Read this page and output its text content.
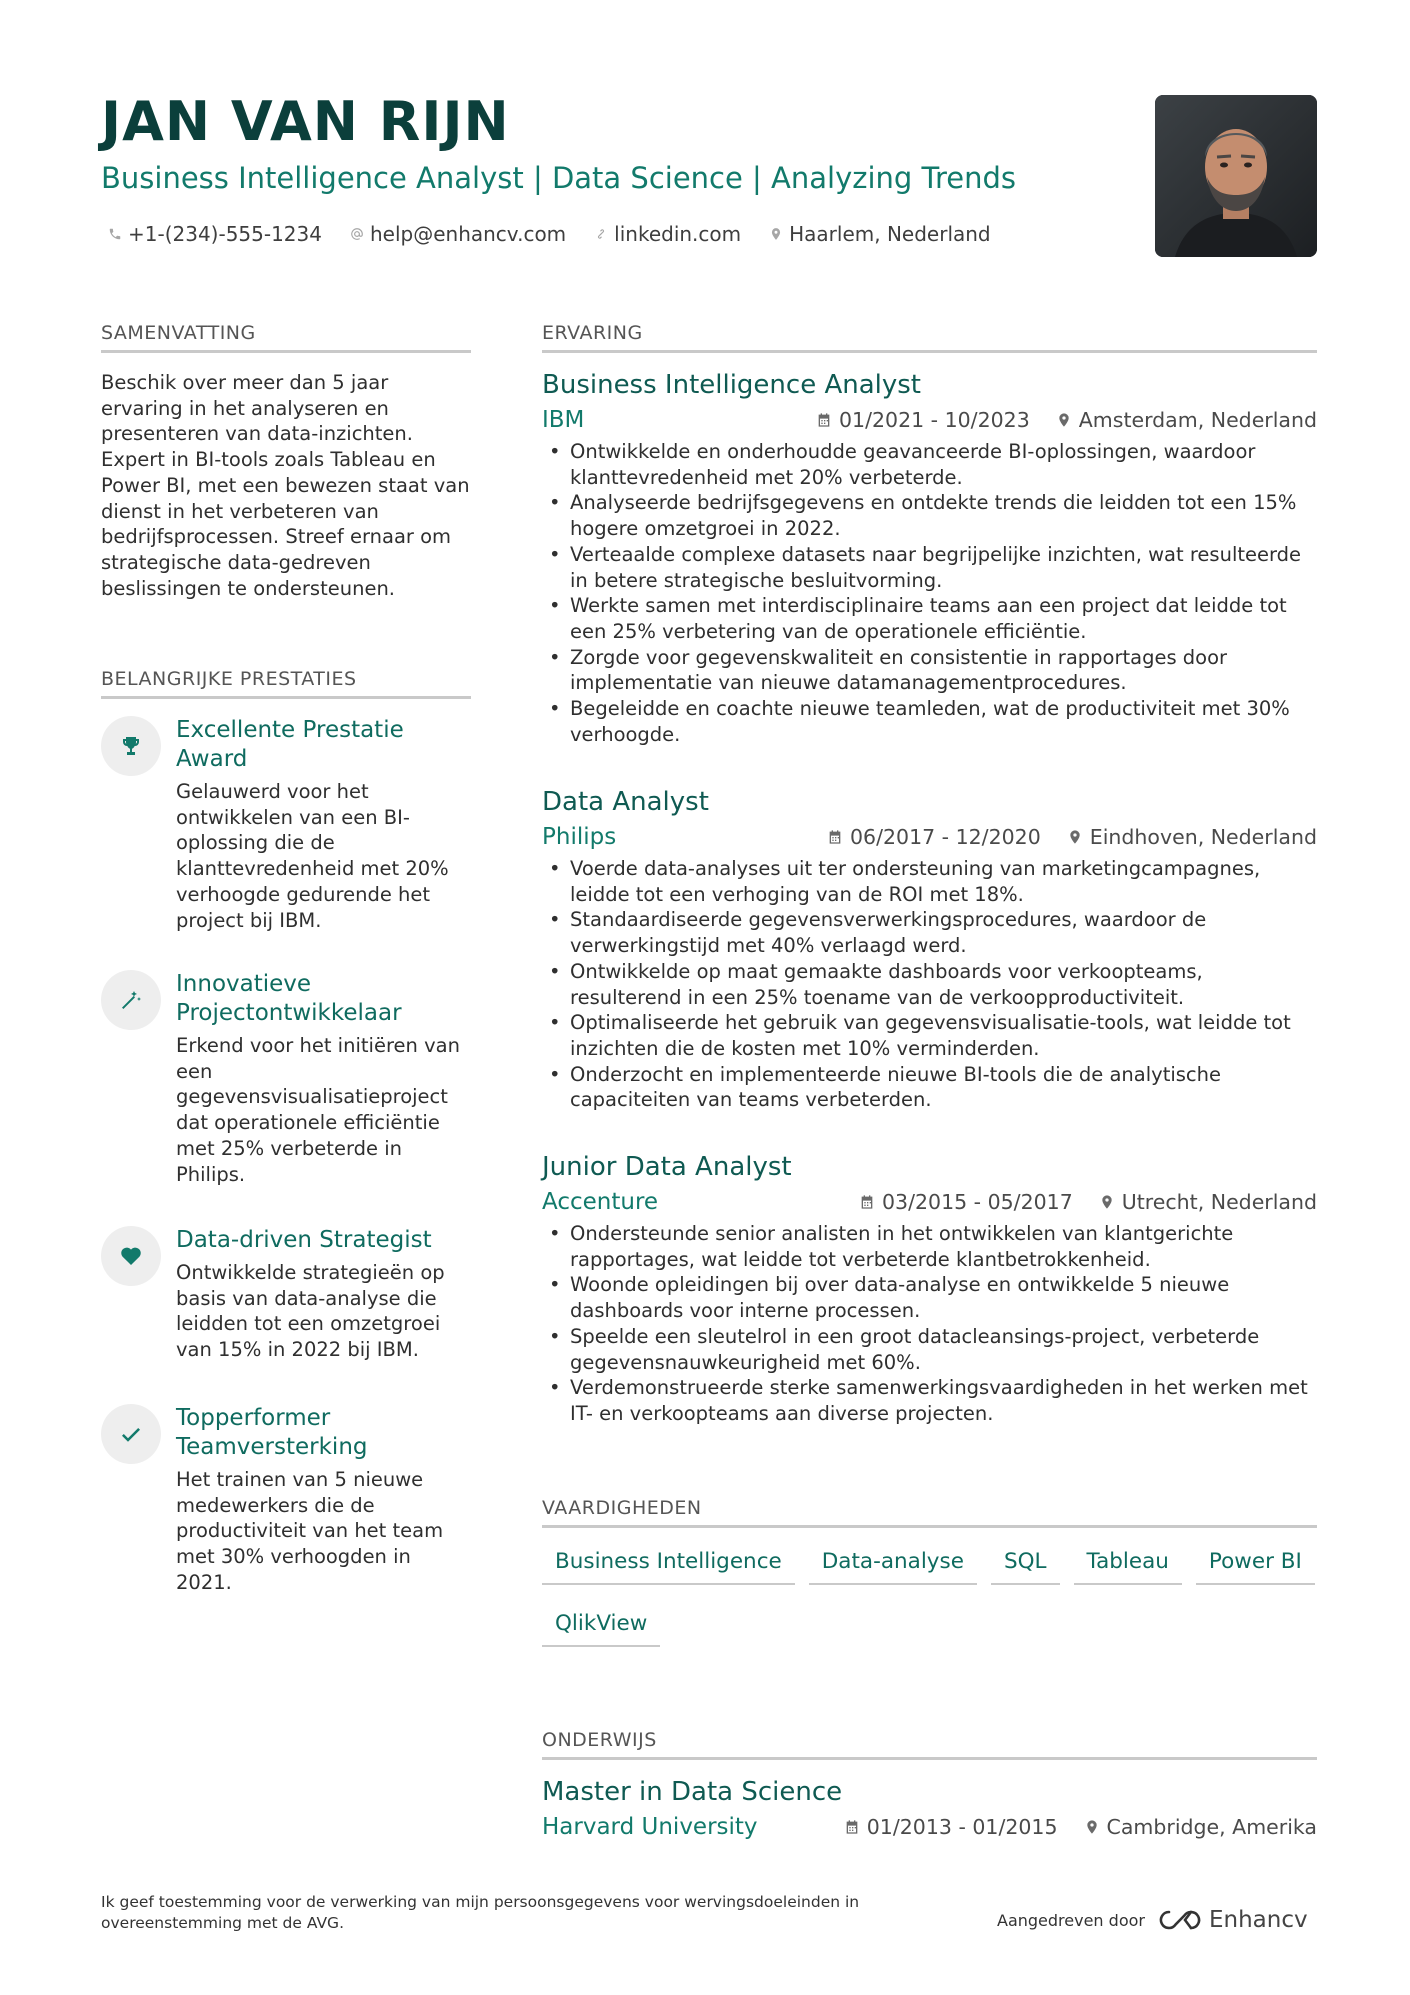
JAN VAN RIJN
Business Intelligence Analyst | Data Science | Analyzing Trends
+1-(234)-555-1234 help@enhancv.com linkedin.com Haarlem, Nederland
SAMENVATTING
Beschik over meer dan 5 jaar ervaring in het analyseren en presenteren van data-inzichten. Expert in BI-tools zoals Tableau en Power BI, met een bewezen staat van dienst in het verbeteren van bedrijfsprocessen. Streef ernaar om strategische data-gedreven beslissingen te ondersteunen.
BELANGRIJKE PRESTATIES
Excellente Prestatie Award
Gelauwerd voor het ontwikkelen van een BI-oplossing die de klanttevredenheid met 20% verhoogde gedurende het project bij IBM.
Innovatieve Projectontwikkelaar
Erkend voor het initiëren van een gegevensvisualisatieproject dat operationele efficiëntie met 25% verbeterde in Philips.
Data-driven Strategist
Ontwikkelde strategieën op basis van data-analyse die leidden tot een omzetgroei van 15% in 2022 bij IBM.
Topperformer Teamversterking
Het trainen van 5 nieuwe medewerkers die de productiviteit van het team met 30% verhoogden in 2021.
ERVARING
Business Intelligence Analyst
IBM	01/2021 - 10/2023 Amsterdam, Nederland
• Ontwikkelde en onderhoudde geavanceerde BI-oplossingen, waardoor klanttevredenheid met 20% verbeterde.
• Analyseerde bedrijfsgegevens en ontdekte trends die leidden tot een 15% hogere omzetgroei in 2022.
• Verteaalde complexe datasets naar begrijpelijke inzichten, wat resulteerde in betere strategische besluitvorming.
• Werkte samen met interdisciplinaire teams aan een project dat leidde tot een 25% verbetering van de operationele efficiëntie.
• Zorgde voor gegevenskwaliteit en consistentie in rapportages door implementatie van nieuwe datamanagementprocedures.
• Begeleidde en coachte nieuwe teamleden, wat de productiviteit met 30% verhoogde.
Data Analyst
Philips	06/2017 - 12/2020 Eindhoven, Nederland
• Voerde data-analyses uit ter ondersteuning van marketingcampagnes, leidde tot een verhoging van de ROI met 18%.
• Standaardiseerde gegevensverwerkingsprocedures, waardoor de verwerkingstijd met 40% verlaagd werd.
• Ontwikkelde op maat gemaakte dashboards voor verkoopteams, resulterend in een 25% toename van de verkoopproductiviteit.
• Optimaliseerde het gebruik van gegevensvisualisatie-tools, wat leidde tot inzichten die de kosten met 10% verminderden.
• Onderzocht en implementeerde nieuwe BI-tools die de analytische capaciteiten van teams verbeterden.
Junior Data Analyst
Accenture	03/2015 - 05/2017 Utrecht, Nederland
• Ondersteunde senior analisten in het ontwikkelen van klantgerichte rapportages, wat leidde tot verbeterde klantbetrokkenheid.
• Woonde opleidingen bij over data-analyse en ontwikkelde 5 nieuwe dashboards voor interne processen.
• Speelde een sleutelrol in een groot datacleansings-project, verbeterde gegevensnauwkeurigheid met 60%.
• Verdemonstrueerde sterke samenwerkingsvaardigheden in het werken met IT- en verkoopteams aan diverse projecten.
VAARDIGHEDEN
Business Intelligence	Data-analyse	SQL	Tableau	Power BI
QlikView
ONDERWIJS
Master in Data Science
Harvard University	01/2013 - 01/2015 Cambridge, Amerika
Ik geef toestemming voor de verwerking van mijn persoonsgegevens voor wervingsdoeleinden in overeenstemming met de AVG.	Aangedreven door	Enhancv
